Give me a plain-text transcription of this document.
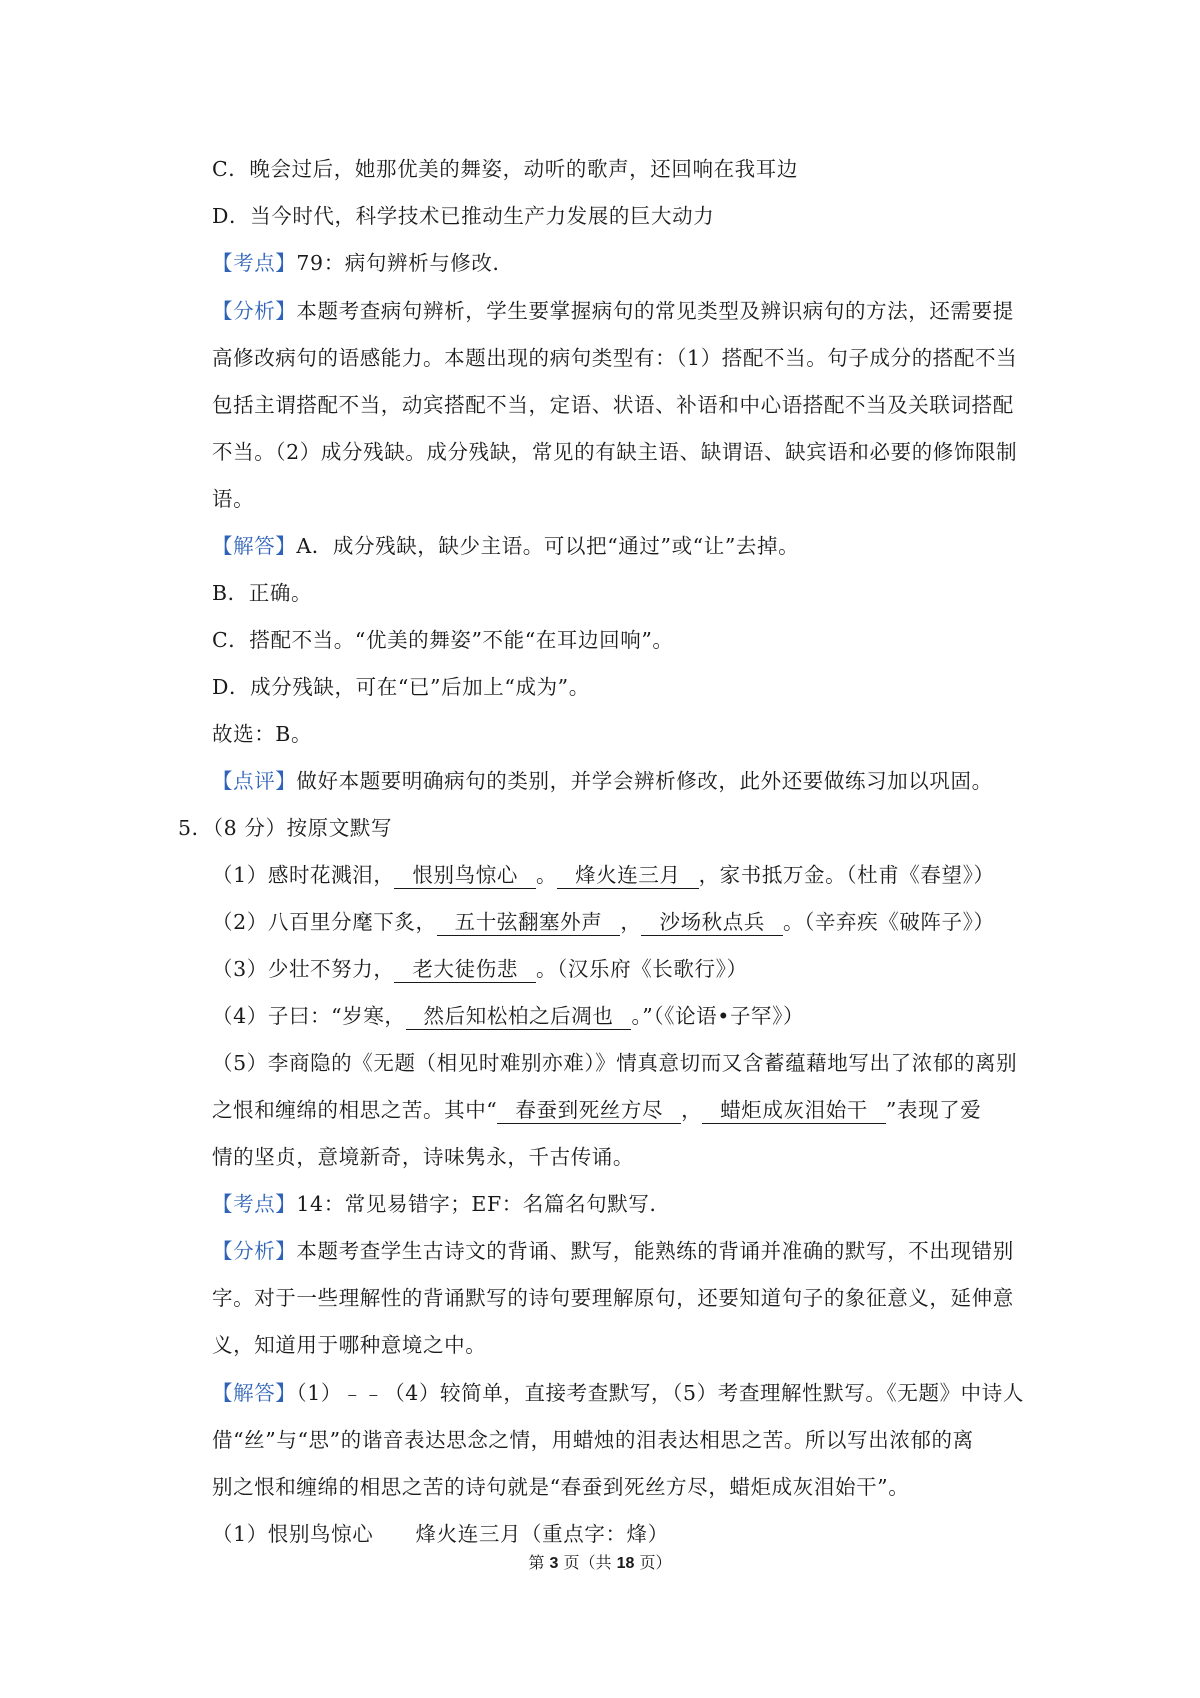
C．晚会过后，她那优美的舞姿，动听的歌声，还回响在我耳边
D．当今时代，科学技术已推动生产力发展的巨大动力
【考点】79：病句辨析与修改．
【分析】本题考查病句辨析，学生要掌握病句的常见类型及辨识病句的方法，还需要提
高修改病句的语感能力。本题出现的病句类型有：（1）搭配不当。句子成分的搭配不当
包括主谓搭配不当，动宾搭配不当，定语、状语、补语和中心语搭配不当及关联词搭配
不当。（2）成分残缺。成分残缺，常见的有缺主语、缺谓语、缺宾语和必要的修饰限制
语。
【解答】A．成分残缺，缺少主语。可以把“通过”或“让”去掉。
B．正确。
C．搭配不当。“优美的舞姿”不能“在耳边回响”。
D．成分残缺，可在“已”后加上“成为”。
故选：B。
【点评】做好本题要明确病句的类别，并学会辨析修改，此外还要做练习加以巩固。
5．（8 分）按原文默写
（1）感时花溅泪， 恨别鸟惊心 。 烽火连三月 ，家书抵万金。（杜甫《春望》）
（2）八百里分麾下炙， 五十弦翻塞外声 ， 沙场秋点兵 。（辛弃疾《破阵子》）
（3）少壮不努力， 老大徒伤悲 。（汉乐府《长歌行》）
（4）子曰：“岁寒， 然后知松柏之后凋也 。”（《论语•子罕》）
（5）李商隐的《无题（相见时难别亦难）》情真意切而又含蓄蕴藉地写出了浓郁的离别
之恨和缠绵的相思之苦。其中“ 春蚕到死丝方尽 ， 蜡炬成灰泪始干 ”表现了爱
情的坚贞，意境新奇，诗味隽永，千古传诵。
【考点】14：常见易错字；EF：名篇名句默写．
【分析】本题考查学生古诗文的背诵、默写，能熟练的背诵并准确的默写，不出现错别
字。对于一些理解性的背诵默写的诗句要理解原句，还要知道句子的象征意义，延伸意
义，知道用于哪种意境之中。
【解答】（1）﹣﹣（4）较简单，直接考查默写，（5）考查理解性默写。《无题》中诗人
借“丝”与“思”的谐音表达思念之情，用蜡烛的泪表达相思之苦。所以写出浓郁的离
别之恨和缠绵的相思之苦的诗句就是“春蚕到死丝方尽，蜡炬成灰泪始干”。
（1）恨别鸟惊心　　烽火连三月（重点字：烽）
第 3 页（共 18 页）
